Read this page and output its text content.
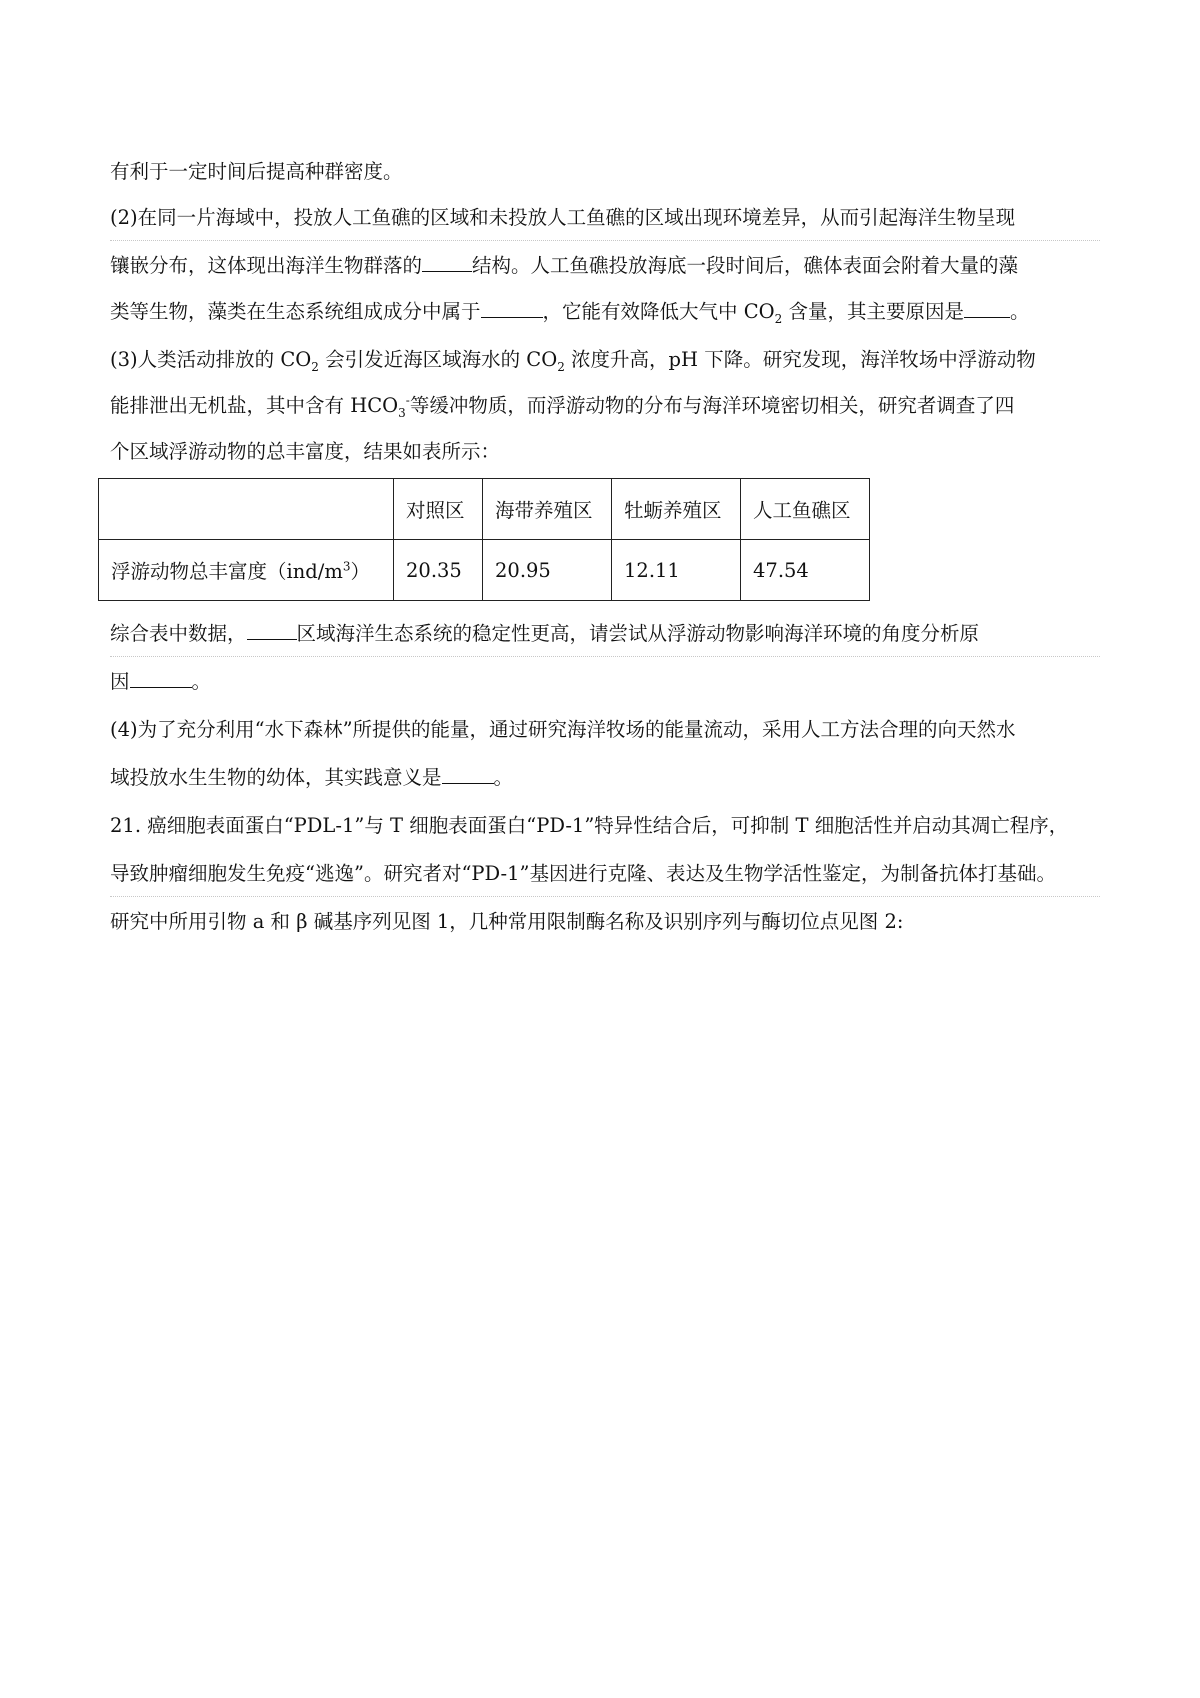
有利于一定时间后提高种群密度。
(2)在同一片海域中，投放人工鱼礁的区域和未投放人工鱼礁的区域出现环境差异，从而引起海洋生物呈现
镶嵌分布，这体现出海洋生物群落的	结构。人工鱼礁投放海底一段时间后，礁体表面会附着大量的藻
类等生物，藻类在生态系统组成成分中属于	，它能有效降低大气中 $CO_2$ 含量，其主要原因是 。
(3)人类活动排放的 $CO_2$ 会引发近海区域海水的 $CO_2$ 浓度升高，pH 下降。研究发现，海洋牧场中浮游动物
能排泄出无机盐，其中含有 $HCO_3^-$等缓冲物质，而浮游动物的分布与海洋环境密切相关，研究者调查了四
个区域浮游动物的总丰富度，结果如表所示：
	对照区	海带养殖区	牡蛎养殖区	人工鱼礁区
浮游动物总丰富度$(ind/m^3)$	20.35	20.95	12.11	47.54
综合表中数据，	区域海洋生态系统的稳定性更高，请尝试从浮游动物影响海洋环境的角度分析原
因	。
(4)为了充分利用“水下森林”所提供的能量，通过研究海洋牧场的能量流动，采用人工方法合理的向天然水
域投放水生生物的幼体，其实践意义是	。
21. 癌细胞表面蛋白“PDL-1”与 T 细胞表面蛋白“PD-1”特异性结合后，可抑制 T 细胞活性并启动其凋亡程序，
导致肿瘤细胞发生免疫“逃逸”。研究者对“PD-1”基因进行克隆、表达及生物学活性鉴定，为制备抗体打基础。
研究中所用引物 a 和 β 碱基序列见图 1，几种常用限制酶名称及识别序列与酶切位点见图 2:
